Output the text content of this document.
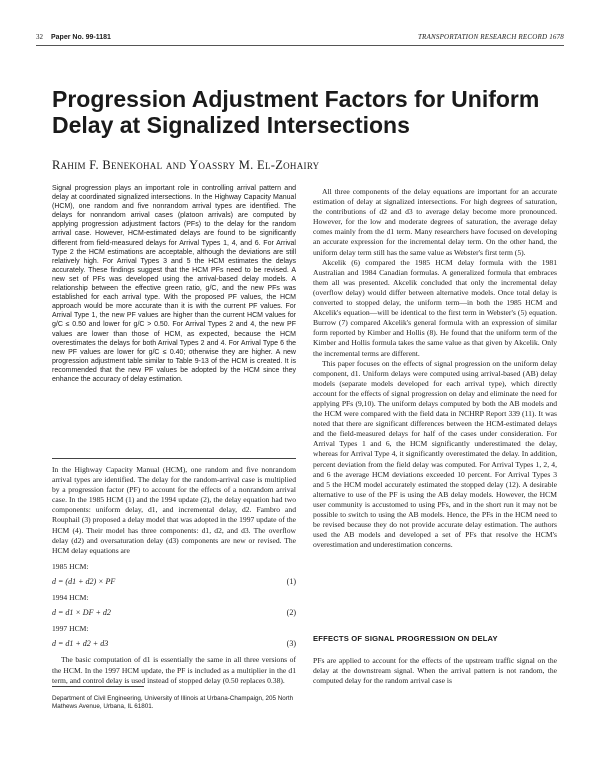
32 Paper No. 99-1181	TRANSPORTATION RESEARCH RECORD 1678
Progression Adjustment Factors for Uniform Delay at Signalized Intersections
Rahim F. Benekohal and Yoassry M. El-Zohairy

Signal progression plays an important role in controlling arrival pattern and delay at coordinated signalized intersections. In the Highway Capacity Manual (HCM), one random and five nonrandom arrival types are identified. The delays for nonrandom arrival cases (platoon arrivals) are computed by applying progression adjustment factors (PFs) to the delay for the random arrival case. However, HCM-estimated delays are found to be significantly different from field-measured delays for Arrival Types 1, 4, and 6. For Arrival Type 2 the HCM estimations are acceptable, although the deviations are still relatively high. For Arrival Types 3 and 5 the HCM estimates the delays accurately. These findings suggest that the HCM PFs need to be revised. A new set of PFs was developed using the arrival-based delay models. A relationship between the effective green ratio, g/C, and the new PFs was established for each arrival type. With the proposed PF values, the HCM approach would be more accurate than it is with the current PF values. For Arrival Type 1, the new PF values are higher than the current HCM values for g/C ≤ 0.50 and lower for g/C > 0.50. For Arrival Types 2 and 4, the new PF values are lower than those of HCM, as expected, because the HCM overestimates the delays for both Arrival Types 2 and 4. For Arrival Type 6 the new PF values are lower for g/C ≤ 0.40; otherwise they are higher. A new progression adjustment table similar to Table 9-13 of the HCM is created. It is recommended that the new PF values be adopted by the HCM since they enhance the accuracy of delay estimation.

In the Highway Capacity Manual (HCM), one random and five nonrandom arrival types are identified. The delay for the random-arrival case is multiplied by a progression factor (PF) to account for the effects of a nonrandom arrival case. In the 1985 HCM (1) and the 1994 update (2), the delay equation had two components: uniform delay, d1, and incremental delay, d2. Fambro and Rouphail (3) proposed a delay model that was adopted in the 1997 update of the HCM (4). Their model has three components: d1, d2, and d3. The overflow delay (d2) and oversaturation delay (d3) components are new or revised. The HCM delay equations are

1985 HCM:
d = (d1 + d2) × PF	(1)
1994 HCM:
d = d1 × DF + d2	(2)
1997 HCM:
d = d1 + d2 + d3	(3)

The basic computation of d1 is essentially the same in all three versions of the HCM. In the 1997 HCM update, the PF is included as a multiplier in the d1 term, and control delay is used instead of stopped delay (0.50 replaces 0.38).

Department of Civil Engineering, University of Illinois at Urbana-Champaign, 205 North Mathews Avenue, Urbana, IL 61801.

All three components of the delay equations are important for an accurate estimation of delay at signalized intersections. For high degrees of saturation, the contributions of d2 and d3 to average delay become more pronounced. However, for the low and moderate degrees of saturation, the average delay comes mainly from the d1 term. Many researchers have focused on developing an accurate expression for the incremental delay term. On the other hand, the uniform delay term still has the same value as Webster's first term (5).

Akcelik (6) compared the 1985 HCM delay formula with the 1981 Australian and 1984 Canadian formulas. A generalized formula that embraces them all was presented. Akcelik concluded that only the incremental delay (overflow delay) would differ between alternative models. Once total delay is converted to stopped delay, the uniform term—in both the 1985 HCM and Akcelik's equation—will be identical to the first term in Webster's (5) equation. Burrow (7) compared Akcelik's general formula with an expression of similar form reported by Kimber and Hollis (8). He found that the uniform term of the Kimber and Hollis formula takes the same value as that given by Akcelik. Only the incremental terms are different.

This paper focuses on the effects of signal progression on the uniform delay component, d1. Uniform delays were computed using arrival-based (AB) delay models (separate models developed for each arrival type), which directly account for the effects of signal progression on delay and eliminate the need for applying PFs (9,10). The uniform delays computed by both the AB models and the HCM were compared with the field data in NCHRP Report 339 (11). It was noted that there are significant differences between the HCM-estimated delays and the field-measured delays for half of the cases under consideration. For Arrival Types 1 and 6, the HCM significantly underestimated the delay, whereas for Arrival Type 4, it significantly overestimated the delay. In addition, percent deviation from the field delay was computed. For Arrival Types 1, 2, 4, and 6 the average HCM deviations exceeded 10 percent. For Arrival Types 3 and 5 the HCM model accurately estimated the stopped delay (12). A desirable alternative to use of the PF is using the AB delay models. However, the HCM user community is accustomed to using PFs, and in the short run it may not be possible to switch to using the AB models. Hence, the PFs in the HCM need to be revised because they do not provide accurate delay estimation. The authors used the AB models and developed a set of PFs that resolve the HCM's overestimation and underestimation concerns.

EFFECTS OF SIGNAL PROGRESSION ON DELAY

PFs are applied to account for the effects of the upstream traffic signal on the delay at the downstream signal. When the arrival pattern is not random, the computed delay for the random arrival case is
